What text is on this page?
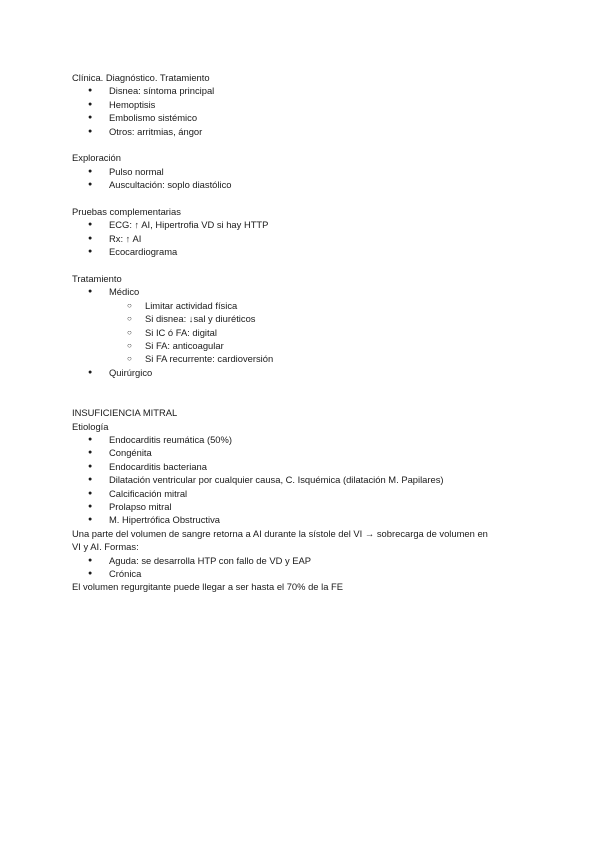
Clínica. Diagnóstico. Tratamiento

● Disnea: síntoma principal
● Hemoptisis
● Embolismo sistémico
● Otros: arritmias, ángor

Exploración

● Pulso normal
● Auscultación: soplo diastólico

Pruebas complementarias

● ECG: ↑ AI, Hipertrofia VD si hay HTTP
● Rx: ↑ AI
● Ecocardiograma

Tratamiento

● Médico
○ Limitar actividad física
○ Si disnea: ↓sal y diuréticos
○ Si IC ó FA: digital
○ Si FA: anticoagular
○ Si FA recurrente: cardioversión
● Quirúrgico

INSUFICIENCIA MITRAL

Etiología

● Endocarditis reumática (50%)
● Congénita
● Endocarditis bacteriana
● Dilatación ventricular por cualquier causa, C. Isquémica (dilatación M. Papilares)
● Calcificación mitral
● Prolapso mitral
● M. Hipertrófica Obstructiva

Una parte del volumen de sangre retorna a AI durante la sístole del VI → sobrecarga de volumen en

VI y AI. Formas:

● Aguda: se desarrolla HTP con fallo de VD y EAP
● Crónica

El volumen regurgitante puede llegar a ser hasta el 70% de la FE
